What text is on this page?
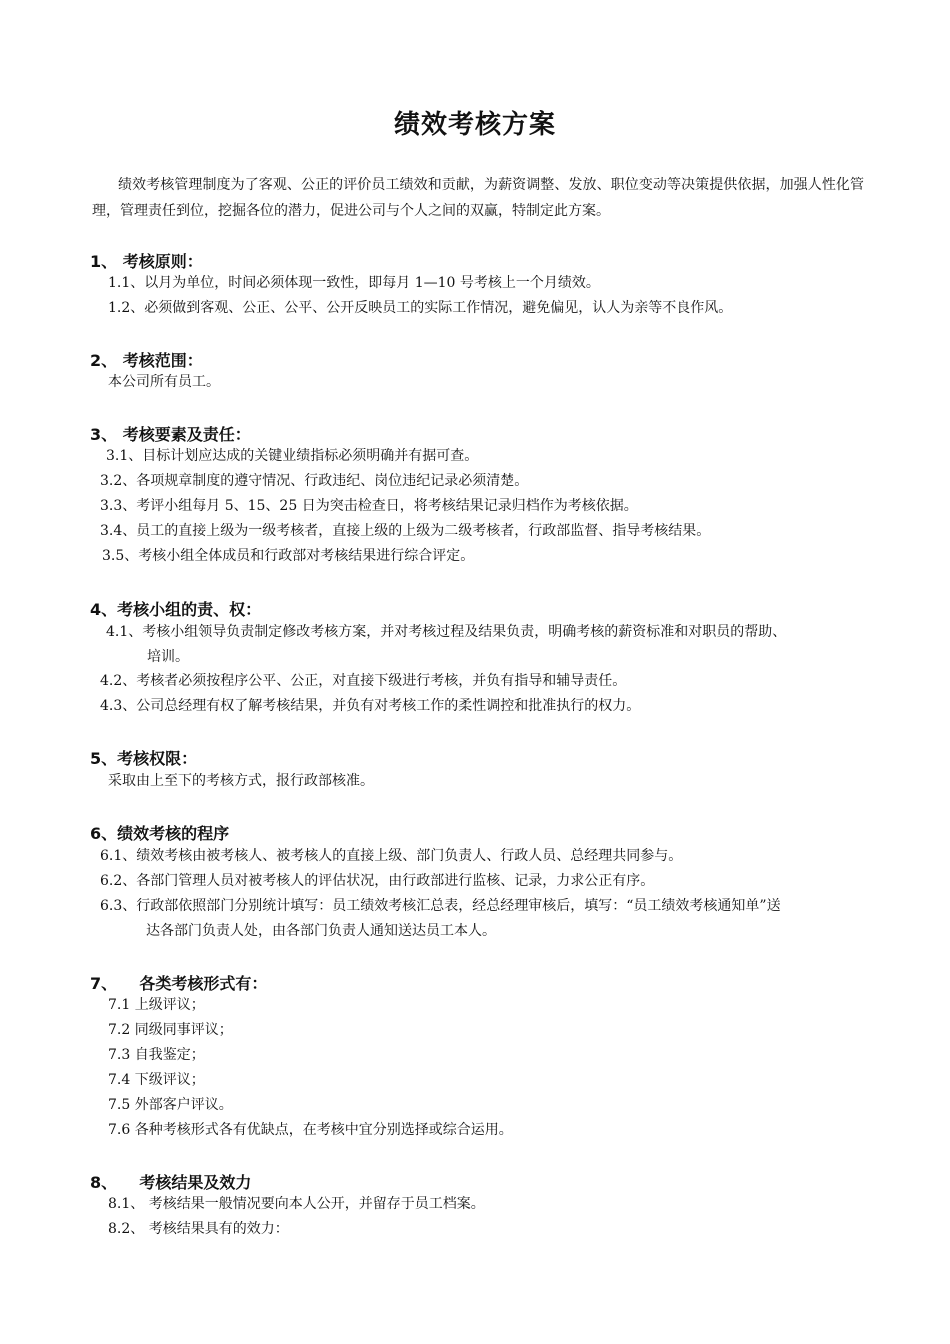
绩效考核方案
绩效考核管理制度为了客观、公正的评价员工绩效和贡献，为薪资调整、发放、职位变动等决策提供依据，加强人性化管理，管理责任到位，挖掘各位的潜力，促进公司与个人之间的双赢，特制定此方案。
1、 考核原则：
1.1、以月为单位，时间必须体现一致性，即每月 1—10 号考核上一个月绩效。
1.2、必须做到客观、公正、公平、公开反映员工的实际工作情况，避免偏见，认人为亲等不良作风。
2、 考核范围：
本公司所有员工。
3、 考核要素及责任：
3.1、目标计划应达成的关键业绩指标必须明确并有据可查。
3.2、各项规章制度的遵守情况、行政违纪、岗位违纪记录必须清楚。
3.3、考评小组每月 5、15、25 日为突击检查日，将考核结果记录归档作为考核依据。
3.4、员工的直接上级为一级考核者，直接上级的上级为二级考核者，行政部监督、指导考核结果。
3.5、考核小组全体成员和行政部对考核结果进行综合评定。
4、考核小组的责、权：
4.1、考核小组领导负责制定修改考核方案，并对考核过程及结果负责，明确考核的薪资标准和对职员的帮助、
培训。
4.2、考核者必须按程序公平、公正，对直接下级进行考核，并负有指导和辅导责任。
4.3、公司总经理有权了解考核结果，并负有对考核工作的柔性调控和批准执行的权力。
5、考核权限：
采取由上至下的考核方式，报行政部核准。
6、绩效考核的程序
6.1、绩效考核由被考核人、被考核人的直接上级、部门负责人、行政人员、总经理共同参与。
6.2、各部门管理人员对被考核人的评估状况，由行政部进行监核、记录，力求公正有序。
6.3、行政部依照部门分别统计填写：员工绩效考核汇总表，经总经理审核后，填写：“员工绩效考核通知单”送
达各部门负责人处，由各部门负责人通知送达员工本人。
7、    各类考核形式有：
7.1 上级评议；
7.2 同级同事评议；
7.3 自我鉴定；
7.4 下级评议；
7.5 外部客户评议。
7.6 各种考核形式各有优缺点，在考核中宜分别选择或综合运用。
8、    考核结果及效力
8.1、 考核结果一般情况要向本人公开，并留存于员工档案。
8.2、 考核结果具有的效力：
